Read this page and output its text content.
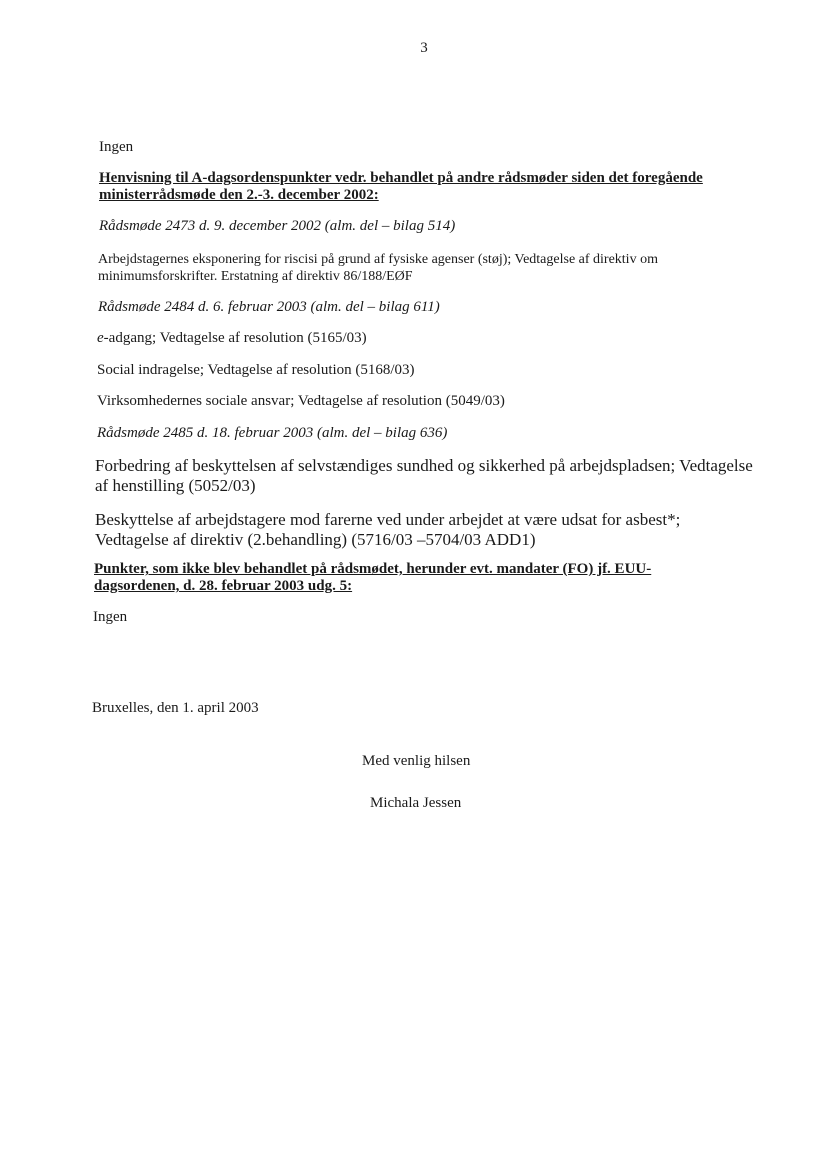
3
Ingen
Henvisning til A-dagsordenspunkter vedr. behandlet på andre rådsmøder siden det foregående
ministerrådsmøde den 2.-3. december 2002:
Rådsmøde 2473 d. 9. december 2002 (alm. del – bilag 514)
Arbejdstagernes eksponering for riscisi på grund af fysiske agenser (støj); Vedtagelse af direktiv om
minimumsforskrifter. Erstatning af direktiv 86/188/EØF
Rådsmøde 2484 d. 6. februar 2003 (alm. del – bilag 611)
e-adgang; Vedtagelse af resolution (5165/03)
Social indragelse; Vedtagelse af resolution (5168/03)
Virksomhedernes sociale ansvar; Vedtagelse af resolution (5049/03)
Rådsmøde 2485 d. 18. februar 2003 (alm. del – bilag 636)
Forbedring af beskyttelsen af selvstændiges sundhed og sikkerhed på arbejdspladsen; Vedtagelse
af henstilling (5052/03)
Beskyttelse af arbejdstagere mod farerne ved under arbejdet at være udsat for asbest*;
Vedtagelse af direktiv (2.behandling) (5716/03 –5704/03 ADD1)
Punkter, som ikke blev behandlet på rådsmødet, herunder evt. mandater (FO) jf. EUU-
dagsordenen, d. 28. februar 2003 udg. 5:
Ingen
Bruxelles, den 1. april 2003
Med venlig hilsen
Michala Jessen
